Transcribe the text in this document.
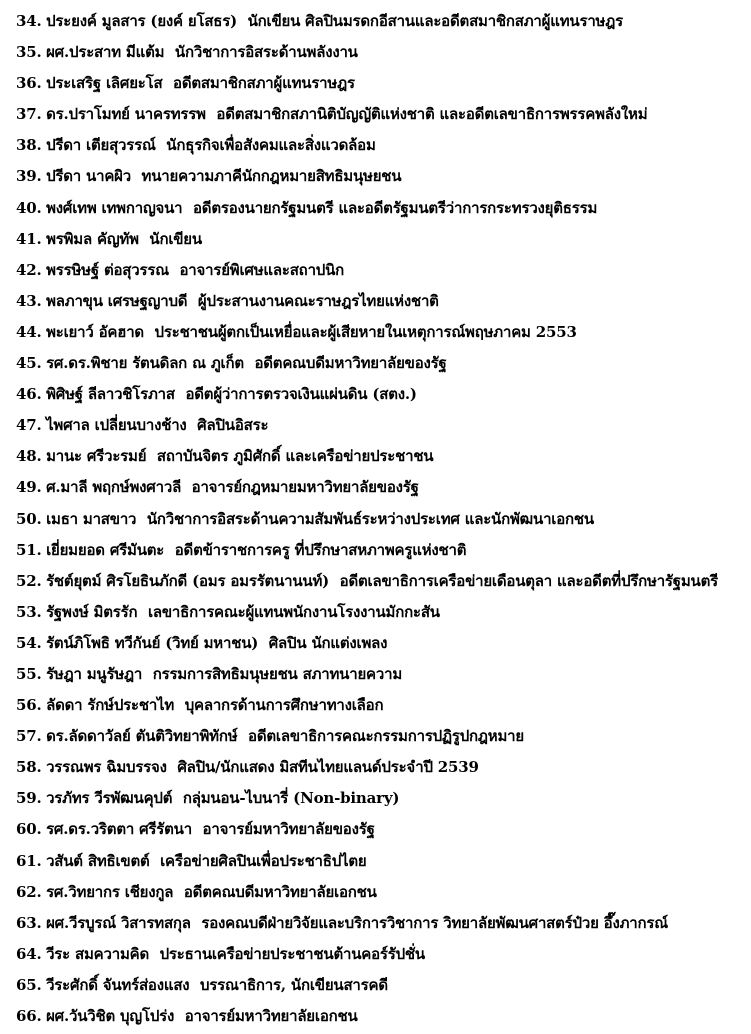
34. ประยงค์ มูลสาร (ยงค์ ยโสธร) นักเขียน ศิลปินมรดกอีสานและอดีตสมาชิกสภาผู้แทนราษฎร
35. ผศ.ประสาท มีแต้ม นักวิชาการอิสระด้านพลังงาน
36. ประเสริฐ เลิศยะโส อดีตสมาชิกสภาผู้แทนราษฎร
37. ดร.ปราโมทย์ นาครทรรพ อดีตสมาชิกสภานิติบัญญัติแห่งชาติ และอดีตเลขาธิการพรรคพลังใหม่
38. ปรีดา เตียสุวรรณ์ นักธุรกิจเพื่อสังคมและสิ่งแวดล้อม
39. ปรีดา นาคผิว ทนายความภาคีนักกฎหมายสิทธิมนุษยชน
40. พงศ์เทพ เทพกาญจนา อดีตรองนายกรัฐมนตรี และอดีตรัฐมนตรีว่าการกระทรวงยุติธรรม
41. พรพิมล คัญทัพ นักเขียน
42. พรรษิษฐ์ ต่อสุวรรณ อาจารย์พิเศษและสถาปนิก
43. พลภาขุน เศรษฐญาบดี ผู้ประสานงานคณะราษฎรไทยแห่งชาติ
44. พะเยาว์ อัคฮาด ประชาชนผู้ตกเป็นเหยื่อและผู้เสียหายในเหตุการณ์พฤษภาคม 2553
45. รศ.ดร.พิชาย รัตนดิลก ณ ภูเก็ต อดีตคณบดีมหาวิทยาลัยของรัฐ
46. พิศิษฐ์ ลีลาวชิโรภาส อดีตผู้ว่าการตรวจเงินแผ่นดิน (สตง.)
47. ไพศาล เปลี่ยนบางช้าง ศิลปินอิสระ
48. มานะ ศรีวะรมย์ สถาบันจิตร ภูมิศักดิ์ และเครือข่ายประชาชน
49. ศ.มาลี พฤกษ์พงศาวลี อาจารย์กฎหมายมหาวิทยาลัยของรัฐ
50. เมธา มาสขาว นักวิชาการอิสระด้านความสัมพันธ์ระหว่างประเทศ และนักพัฒนาเอกชน
51. เยี่ยมยอด ศรีมันตะ อดีตข้าราชการครู ที่ปรึกษาสหภาพครูแห่งชาติ
52. รัชต์ยุตม์ ศิรโยธินภักดี (อมร อมรรัตนานนท์) อดีตเลขาธิการเครือข่ายเดือนตุลา และอดีตที่ปรึกษารัฐมนตรี
53. รัฐพงษ์ มิตรรัก เลขาธิการคณะผู้แทนพนักงานโรงงานมักกะสัน
54. รัตน์ภิโพธิ ทวีกันย์ (วิทย์ มหาชน) ศิลปิน นักแต่งเพลง
55. รัษฎา มนูรัษฎา กรรมการสิทธิมนุษยชน สภาทนายความ
56. ลัดดา รักษ์ประชาไท บุคลากรด้านการศึกษาทางเลือก
57. ดร.ลัดดาวัลย์ ตันติวิทยาพิทักษ์ อดีตเลขาธิการคณะกรรมการปฏิรูปกฎหมาย
58. วรรณพร ฉิมบรรจง ศิลปิน/นักแสดง มิสทีนไทยแลนด์ประจำปี 2539
59. วรภัทร วีรพัฒนคุปต์ กลุ่มนอน-ไบนารี่ (Non-binary)
60. รศ.ดร.วริตตา ศรีรัตนา อาจารย์มหาวิทยาลัยของรัฐ
61. วสันต์ สิทธิเขตต์ เครือข่ายศิลปินเพื่อประชาธิปไตย
62. รศ.วิทยากร เชียงกูล อดีตคณบดีมหาวิทยาลัยเอกชน
63. ผศ.วีรบูรณ์ วิสารทสกุล รองคณบดีฝ่ายวิจัยและบริการวิชาการ วิทยาลัยพัฒนศาสตร์ป๋วย อึ๊งภากรณ์
64. วีระ สมความคิด ประธานเครือข่ายประชาชนต้านคอร์รัปชั่น
65. วีระศักดิ์ จันทร์ส่องแสง บรรณาธิการ, นักเขียนสารคดี
66. ผศ.วันวิชิต บุญโปร่ง อาจารย์มหาวิทยาลัยเอกชน
